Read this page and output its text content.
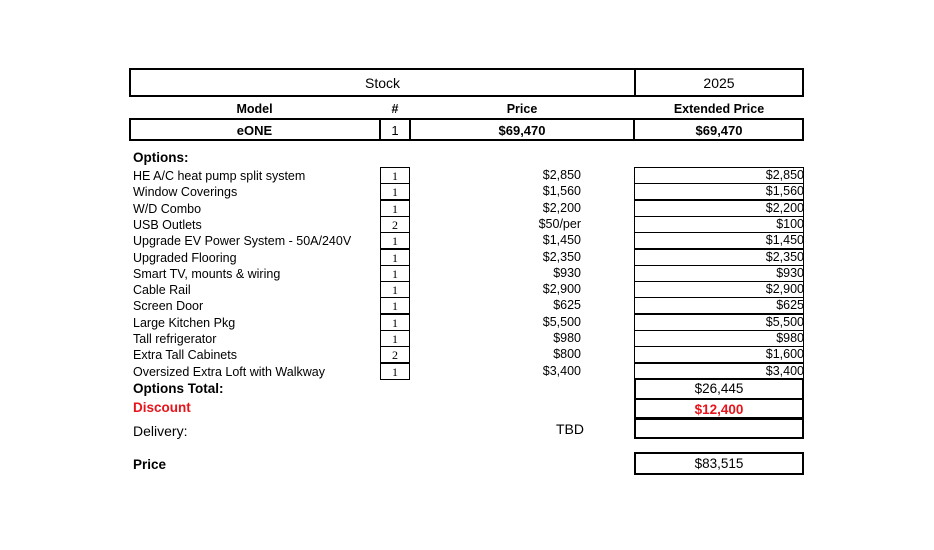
Stock	2025
Model	#	Price	Extended Price
eONE	1	$69,470	$69,470
Options:
HE A/C heat pump split system	1	$2,850	$2,850
Window Coverings	1	$1,560	$1,560
W/D Combo	1	$2,200	$2,200
USB Outlets	2	$50/per	$100
Upgrade EV Power System - 50A/240V	1	$1,450	$1,450
Upgraded Flooring	1	$2,350	$2,350
Smart TV, mounts & wiring	1	$930	$930
Cable Rail	1	$2,900	$2,900
Screen Door	1	$625	$625
Large Kitchen Pkg	1	$5,500	$5,500
Tall refrigerator	1	$980	$980
Extra Tall Cabinets	2	$800	$1,600
Oversized Extra Loft with Walkway	1	$3,400	$3,400
Options Total:	$26,445
Discount	$12,400
Delivery:	TBD
Price	$83,515
